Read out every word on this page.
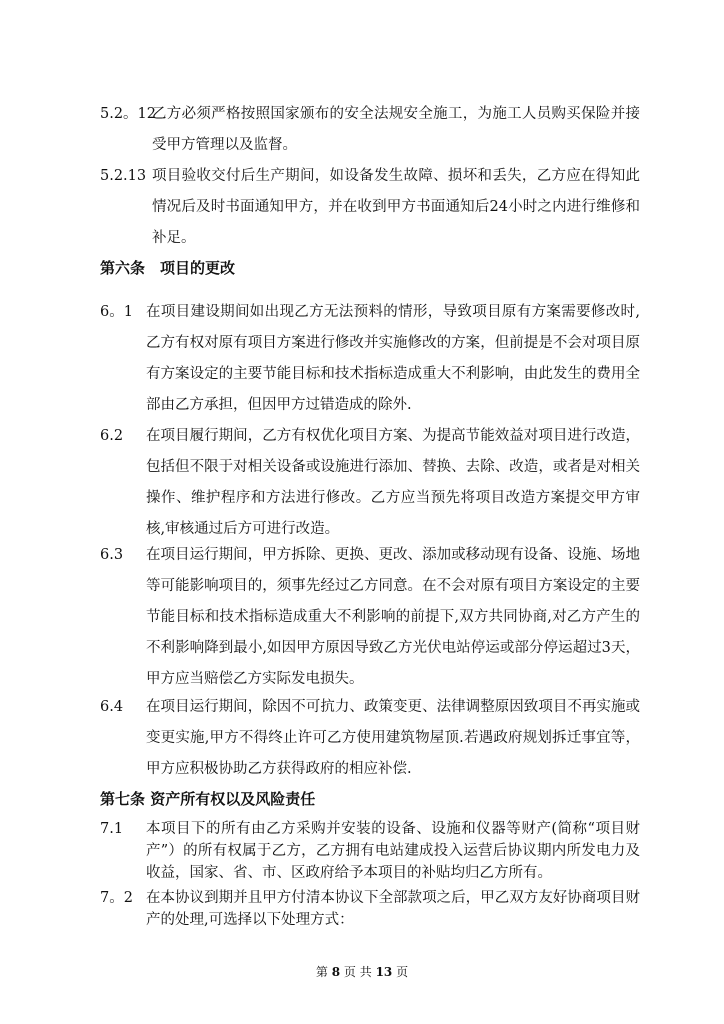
5.2。12
乙方必须严格按照国家颁布的安全法规安全施工，为施工人员购买保险并接受甲方管理以及监督。
5.2.13 项目验收交付后生产期间，如设备发生故障、损坏和丢失，乙方应在得知此情况后及时书面通知甲方，并在收到甲方书面通知后24小时之内进行维修和补足。
第六条　项目的更改
6。1 在项目建设期间如出现乙方无法预料的情形，导致项目原有方案需要修改时,乙方有权对原有项目方案进行修改并实施修改的方案，但前提是不会对项目原有方案设定的主要节能目标和技术指标造成重大不利影响，由此发生的费用全部由乙方承担，但因甲方过错造成的除外.
6.2	在项目履行期间，乙方有权优化项目方案、为提高节能效益对项目进行改造，包括但不限于对相关设备或设施进行添加、替换、去除、改造，或者是对相关操作、维护程序和方法进行修改。乙方应当预先将项目改造方案提交甲方审核,审核通过后方可进行改造。
6.3	在项目运行期间，甲方拆除、更换、更改、添加或移动现有设备、设施、场地等可能影响项目的，须事先经过乙方同意。在不会对原有项目方案设定的主要节能目标和技术指标造成重大不利影响的前提下,双方共同协商,对乙方产生的不利影响降到最小,如因甲方原因导致乙方光伏电站停运或部分停运超过3天，甲方应当赔偿乙方实际发电损失。
6.4	在项目运行期间，除因不可抗力、政策变更、法律调整原因致项目不再实施或变更实施,甲方不得终止许可乙方使用建筑物屋顶.若遇政府规划拆迁事宜等，甲方应积极协助乙方获得政府的相应补偿.
第七条 资产所有权以及风险责任
7.1	本项目下的所有由乙方采购并安装的设备、设施和仪器等财产(简称“项目财产”）的所有权属于乙方，乙方拥有电站建成投入运营后协议期内所发电力及收益，国家、省、市、区政府给予本项目的补贴均归乙方所有。
7。2 在本协议到期并且甲方付清本协议下全部款项之后，甲乙双方友好协商项目财产的处理,可选择以下处理方式：
第 8 页 共 13 页
